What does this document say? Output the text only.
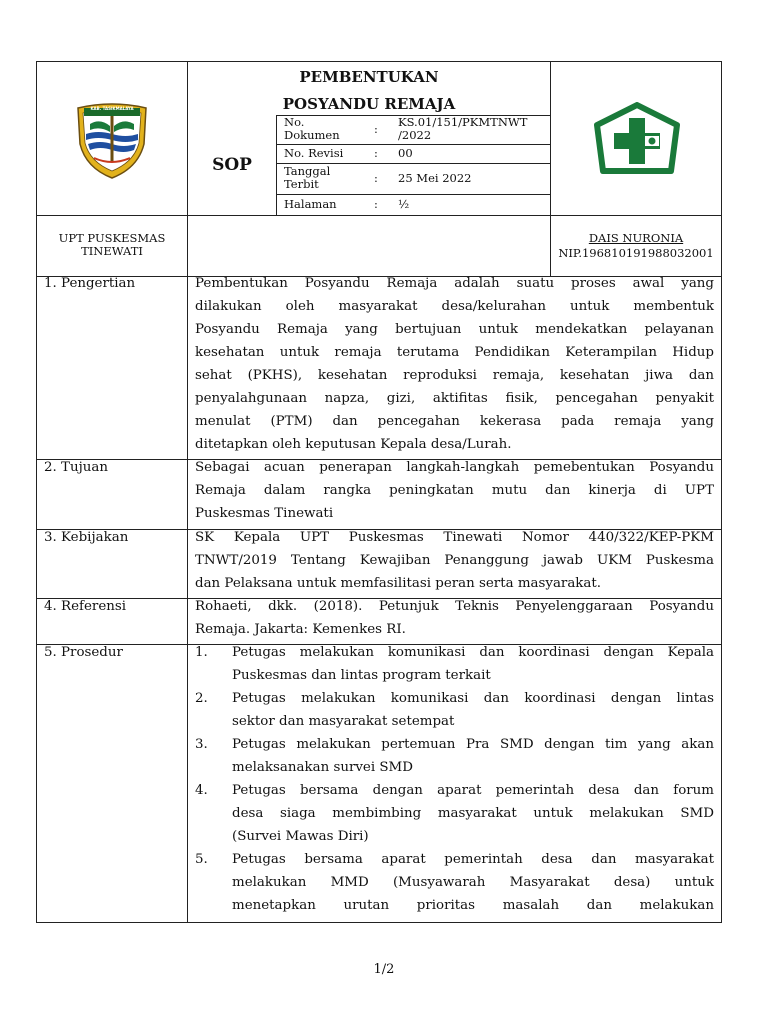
KAB. TASIKMALAYA
PEMBENTUKAN
POSYANDU REMAJA
SOP
No.
Dokumen	: KS.01/151/PKMTNWT
/2022
No. Revisi	: 00
Tanggal
Terbit	: 25 Mei 2022
Halaman	: ½
UPT PUSKESMAS
TINEWATI
DAIS NURONIA
NIP.196810191988032001
1. Pengertian	Pembentukan Posyandu Remaja adalah suatu proses awal yang
dilakukan oleh masyarakat desa/kelurahan untuk membentuk
Posyandu Remaja yang bertujuan untuk mendekatkan pelayanan
kesehatan untuk remaja terutama Pendidikan Keterampilan Hidup
sehat (PKHS), kesehatan reproduksi remaja, kesehatan jiwa dan
penyalahgunaan napza, gizi, aktifitas fisik, pencegahan penyakit
menulat (PTM) dan pencegahan kekerasa pada remaja yang
ditetapkan oleh keputusan Kepala desa/Lurah.
2. Tujuan	Sebagai acuan penerapan langkah-langkah pemebentukan Posyandu
Remaja dalam rangka peningkatan mutu dan kinerja di UPT
Puskesmas Tinewati
3. Kebijakan	SK Kepala UPT Puskesmas Tinewati Nomor 440/322/KEP-PKM
TNWT/2019 Tentang Kewajiban Penanggung jawab UKM Puskesma
dan Pelaksana untuk memfasilitasi peran serta masyarakat.
4. Referensi	Rohaeti, dkk. (2018). Petunjuk Teknis Penyelenggaraan Posyandu
Remaja. Jakarta: Kemenkes RI.
5. Prosedur	1. Petugas melakukan komunikasi dan koordinasi dengan Kepala
Puskesmas dan lintas program terkait
2. Petugas melakukan komunikasi dan koordinasi dengan lintas
sektor dan masyarakat setempat
3. Petugas melakukan pertemuan Pra SMD dengan tim yang akan
melaksanakan survei SMD
4. Petugas bersama dengan aparat pemerintah desa dan forum
desa siaga membimbing masyarakat untuk melakukan SMD
(Survei Mawas Diri)
5. Petugas bersama aparat pemerintah desa dan masyarakat
melakukan MMD (Musyawarah Masyarakat desa) untuk
menetapkan urutan prioritas masalah dan melakukan
1/2
